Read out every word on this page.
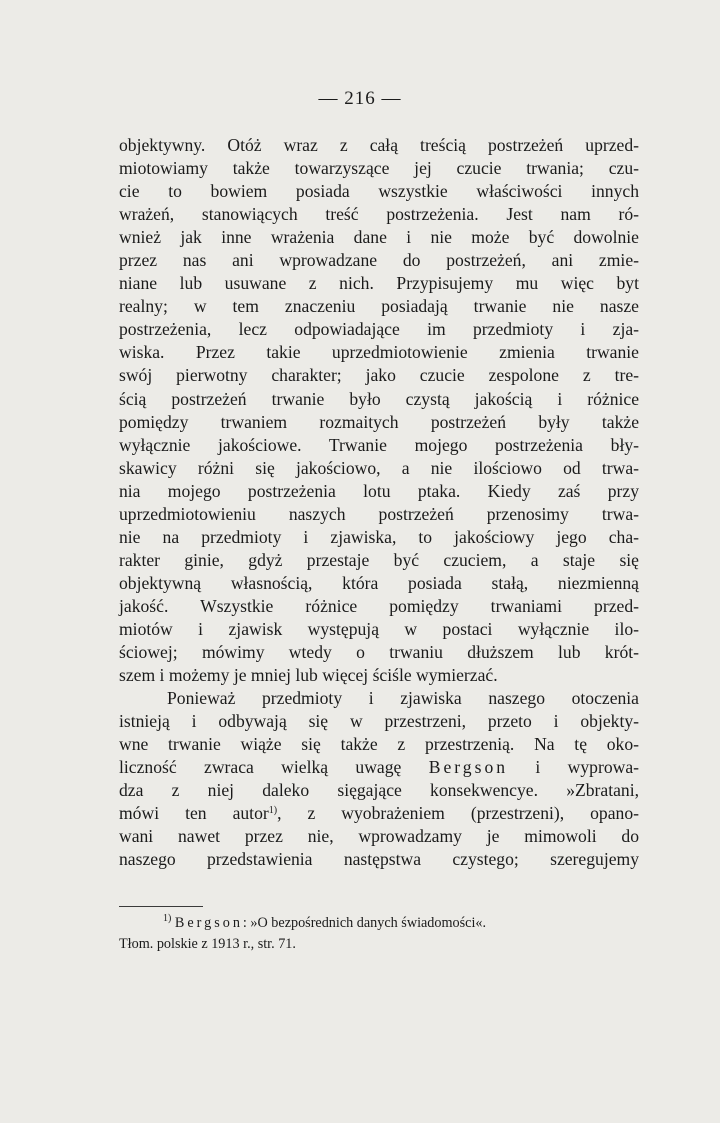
— 216 —
objektywny. Otóż wraz z całą treścią postrzeżeń uprzed-
miotowiamy także towarzyszące jej czucie trwania; czu-
cie to bowiem posiada wszystkie właściwości innych
wrażeń, stanowiących treść postrzeżenia. Jest nam ró-
wnież jak inne wrażenia dane i nie może być dowolnie
przez nas ani wprowadzane do postrzeżeń, ani zmie-
niane lub usuwane z nich. Przypisujemy mu więc byt
realny; w tem znaczeniu posiadają trwanie nie nasze
postrzeżenia, lecz odpowiadające im przedmioty i zja-
wiska. Przez takie uprzedmiotowienie zmienia trwanie
swój pierwotny charakter; jako czucie zespolone z tre-
ścią postrzeżeń trwanie było czystą jakością i różnice
pomiędzy trwaniem rozmaitych postrzeżeń były także
wyłącznie jakościowe. Trwanie mojego postrzeżenia bły-
skawicy różni się jakościowo, a nie ilościowo od trwa-
nia mojego postrzeżenia lotu ptaka. Kiedy zaś przy
uprzedmiotowieniu naszych postrzeżeń przenosimy trwa-
nie na przedmioty i zjawiska, to jakościowy jego cha-
rakter ginie, gdyż przestaje być czuciem, a staje się
objektywną własnością, która posiada stałą, niezmienną
jakość. Wszystkie różnice pomiędzy trwaniami przed-
miotów i zjawisk występują w postaci wyłącznie ilo-
ściowej; mówimy wtedy o trwaniu dłuższem lub krót-
szem i możemy je mniej lub więcej ściśle wymierzać.
Ponieważ przedmioty i zjawiska naszego otoczenia
istnieją i odbywają się w przestrzeni, przeto i objekty-
wne trwanie wiąże się także z przestrzenią. Na tę oko-
liczność zwraca wielką uwagę Bergson i wyprowa-
dza z niej daleko sięgające konsekwencye. »Zbratani,
mówi ten autor$^{1)}$, z wyobrażeniem (przestrzeni), opano-
wani nawet przez nie, wprowadzamy je mimowoli do
naszego przedstawienia następstwa czystego; szeregujemy
$^{1)}$ Bergson: »O bezpośrednich danych świadomości«.
Tłom. polskie z 1913 r., str. 71.
